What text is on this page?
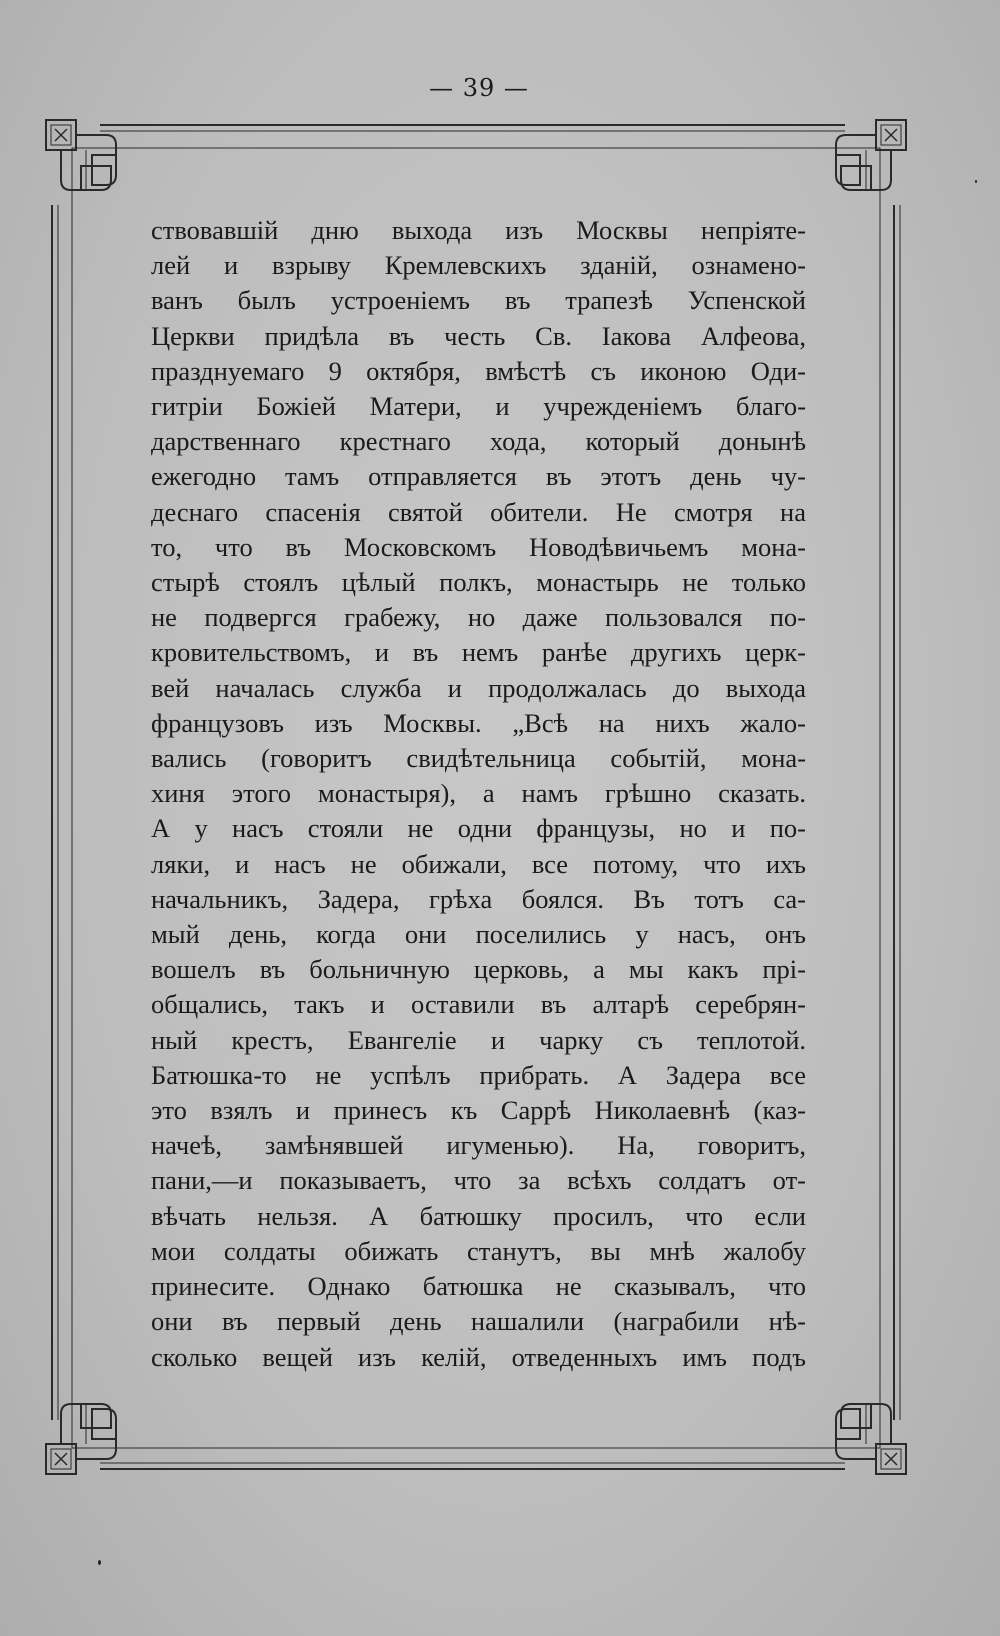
— 39 —
ствовавшій дню выхода изъ Москвы непріяте-
лей и взрыву Кремлевскихъ зданій, ознамено-
ванъ былъ устроеніемъ въ трапезѣ Успенской
Церкви придѣла въ честь Св. Іакова Алфеова,
празднуемаго 9 октября, вмѣстѣ съ иконою Оди-
гитріи Божіей Матери, и учрежденіемъ благо-
дарственнаго крестнаго хода, который донынѣ
ежегодно тамъ отправляется въ этотъ день чу-
деснаго спасенія святой обители. Не смотря на
то, что въ Московскомъ Новодѣвичьемъ мона-
стырѣ стоялъ цѣлый полкъ, монастырь не только
не подвергся грабежу, но даже пользовался по-
кровительствомъ, и въ немъ ранѣе другихъ церк-
вей началась служба и продолжалась до выхода
французовъ изъ Москвы. „Всѣ на нихъ жало-
вались (говоритъ свидѣтельница событій, мона-
хиня этого монастыря), а намъ грѣшно сказать.
А у насъ стояли не одни французы, но и по-
ляки, и насъ не обижали, все потому, что ихъ
начальникъ, Задера, грѣха боялся. Въ тотъ са-
мый день, когда они поселились у насъ, онъ
вошелъ въ больничную церковь, а мы какъ прі-
общались, такъ и оставили въ алтарѣ серебрян-
ный крестъ, Евангеліе и чарку съ теплотой.
Батюшка-то не успѣлъ прибрать. А Задера все
это взялъ и принесъ къ Саррѣ Николаевнѣ (каз-
начеѣ, замѣнявшей игуменью). На, говоритъ,
пани,—и показываетъ, что за всѣхъ солдатъ от-
вѣчать нельзя. А батюшку просилъ, что если
мои солдаты обижать станутъ, вы мнѣ жалобу
принесите. Однако батюшка не сказывалъ, что
они въ первый день нашалили (награбили нѣ-
сколько вещей изъ келій, отведенныхъ имъ подъ
